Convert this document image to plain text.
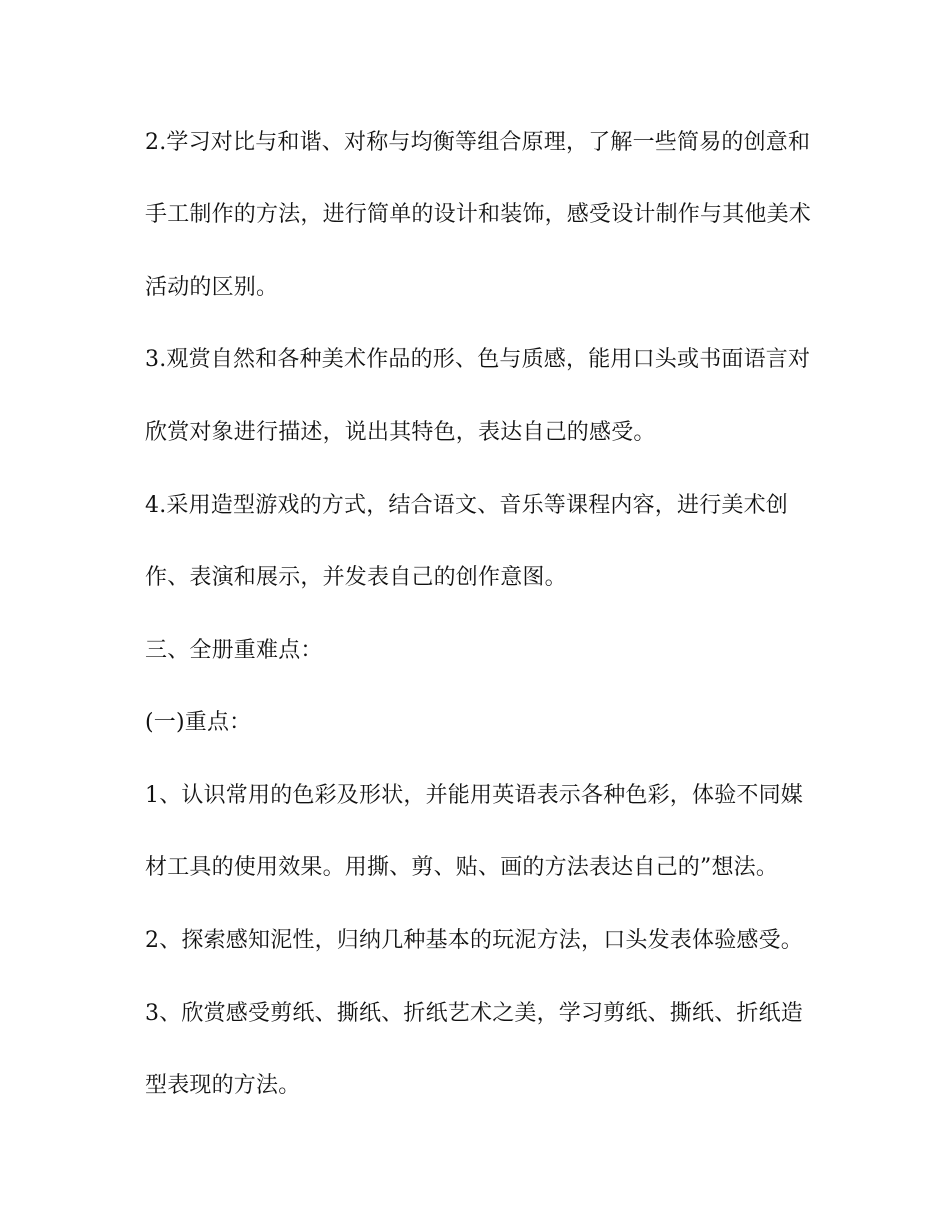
2.学习对比与和谐、对称与均衡等组合原理，了解一些简易的创意和
手工制作的方法，进行简单的设计和装饰，感受设计制作与其他美术
活动的区别。
3.观赏自然和各种美术作品的形、色与质感，能用口头或书面语言对
欣赏对象进行描述，说出其特色，表达自己的感受。
4.采用造型游戏的方式，结合语文、音乐等课程内容，进行美术创
作、表演和展示，并发表自己的创作意图。
三、全册重难点：
(一)重点：
1、认识常用的色彩及形状，并能用英语表示各种色彩，体验不同媒
材工具的使用效果。用撕、剪、贴、画的方法表达自己的”想法。
2、探索感知泥性，归纳几种基本的玩泥方法，口头发表体验感受。
3、欣赏感受剪纸、撕纸、折纸艺术之美，学习剪纸、撕纸、折纸造
型表现的方法。
